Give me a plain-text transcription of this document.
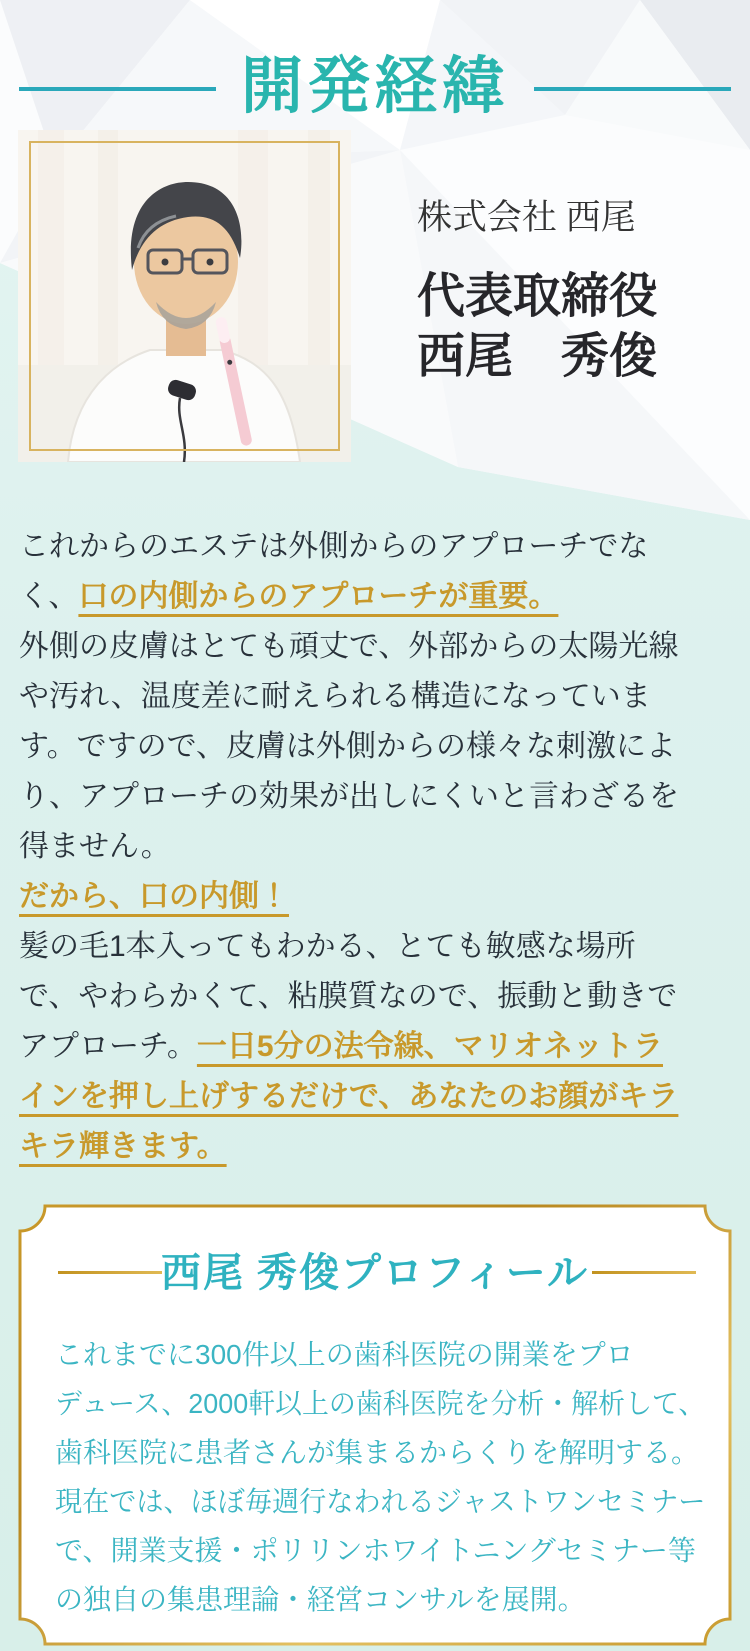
開発経緯
株式会社 西尾
代表取締役
西尾　秀俊
これからのエステは外側からのアプローチでな
く、口の内側からのアプローチが重要。
外側の皮膚はとても頑丈で、外部からの太陽光線
や汚れ、温度差に耐えられる構造になっていま
す。ですので、皮膚は外側からの様々な刺激によ
り、アプローチの効果が出しにくいと言わざるを
得ません。
だから、口の内側！
髪の毛1本入ってもわかる、とても敏感な場所
で、やわらかくて、粘膜質なので、振動と動きで
アプローチ。一日5分の法令線、マリオネットラ
インを押し上げするだけで、あなたのお顔がキラ
キラ輝きます。
西尾 秀俊プロフィール
これまでに300件以上の歯科医院の開業をプロ
デュース、2000軒以上の歯科医院を分析・解析して、
歯科医院に患者さんが集まるからくりを解明する。
現在では、ほぼ毎週行なわれるジャストワンセミナー
で、開業支援・ポリリンホワイトニングセミナー等
の独自の集患理論・経営コンサルを展開。
